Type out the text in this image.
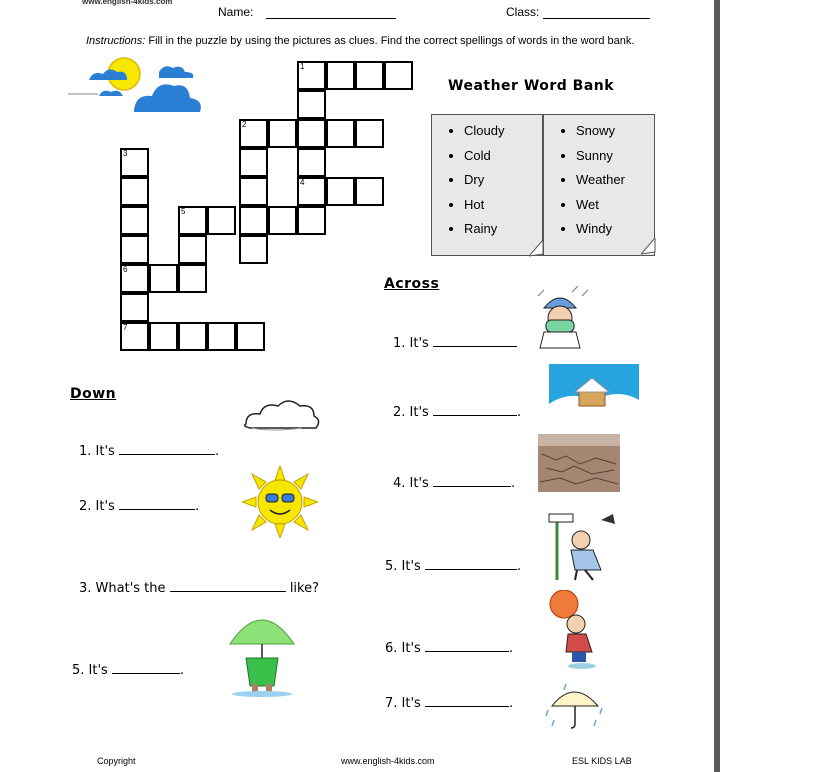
www.english-4kids.com
Name:	Class:
Instructions: Fill in the puzzle by using the pictures as clues. Find the correct spellings of words in the word bank.
1
2
3
4
5
6
7
Weather Word Bank
• Cloudy
• Cold
• Dry
• Hot
• Rainy
• Snowy
• Sunny
• Weather
• Wet
• Windy
Across
1. It's
2. It's	.
4. It's	.
5. It's	.
6. It's	.
7. It's	.
Down
1. It's	.
2. It's	.
3. What's the	like?
5. It's	.
Copyright	www.english-4kids.com	ESL KIDS LAB
